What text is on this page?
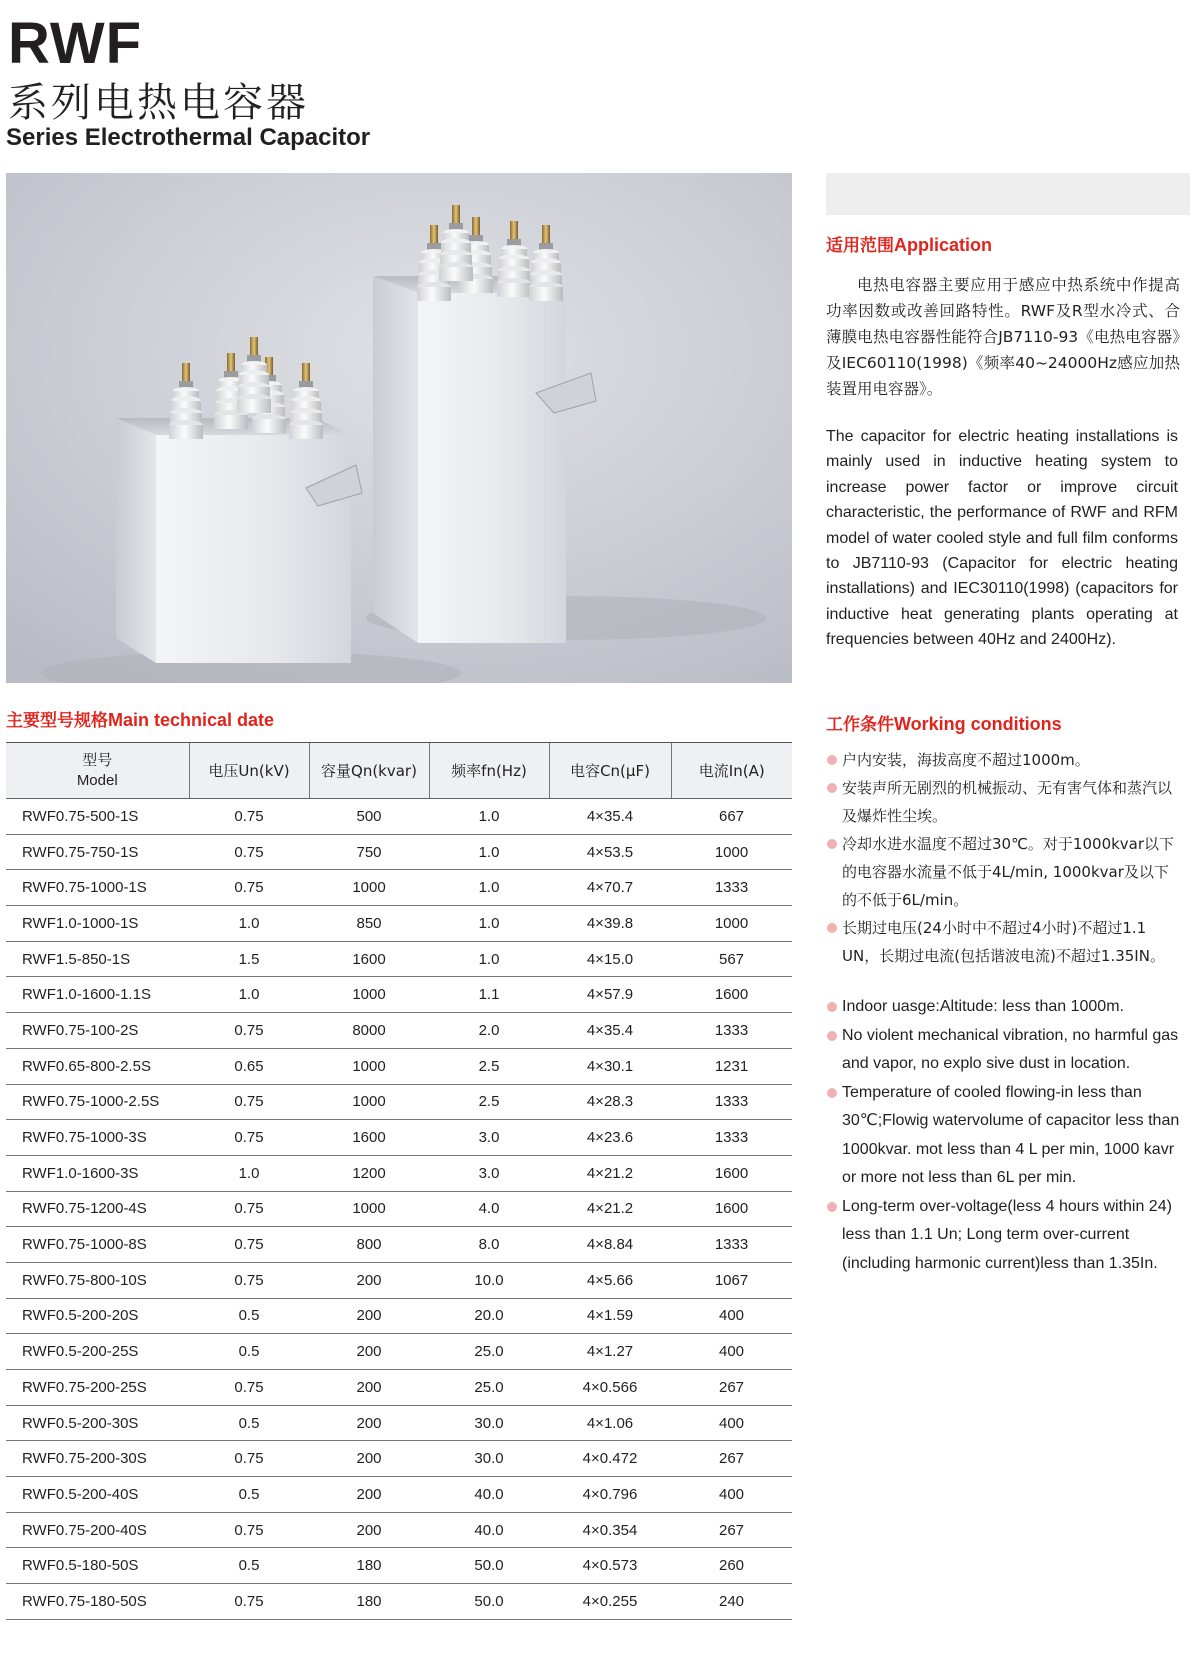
RWF
系列电热电容器
Series Electrothermal Capacitor
适用范围Application

电热电容器主要应用于感应中热系统中作提高功率因数或改善回路特性。RWF及R型水冷式、合薄膜电热电容器性能符合JB7110-93《电热电容器》及IEC60110(1998)《频率40~24000Hz感应加热装置用电容器》。

The capacitor for electric heating installations is mainly used in inductive heating system to increase power factor or improve circuit characteristic, the performance of RWF and RFM model of water cooled style and full film conforms to JB7110-93 (Capacitor for electric heating installations) and IEC30110(1998) (capacitors for inductive heat generating plants operating at frequencies between 40Hz and 2400Hz).

工作条件Working conditions
户内安装，海拔高度不超过1000m。
安装声所无剧烈的机械振动、无有害气体和蒸汽以及爆炸性尘埃。
冷却水进水温度不超过30℃。对于1000kvar以下的电容器水流量不低于4L/min, 1000kvar及以下的不低于6L/min。
长期过电压(24小时中不超过4小时)不超过1.1 UN，长期过电流(包括谐波电流)不超过1.35IN。
Indoor uasge:Altitude: less than 1000m.
No violent mechanical vibration, no harmful gas and vapor, no explo sive dust in location.
Temperature of cooled flowing-in less than 30℃;Flowig watervolume of capacitor less than 1000kvar. mot less than 4 L per min, 1000 kavr or more not less than 6L per min.
Long-term over-voltage(less 4 hours within 24) less than 1.1 Un; Long term over-current (including harmonic current)less than 1.35In.
主要型号规格Main technical date
型号
Model	电压Un(kV)	容量Qn(kvar)	频率fn(Hz)	电容Cn(μF)	电流In(A)
RWF0.75-500-1S	0.75	500	1.0	4×35.4	667
RWF0.75-750-1S	0.75	750	1.0	4×53.5	1000
RWF0.75-1000-1S	0.75	1000	1.0	4×70.7	1333
RWF1.0-1000-1S	1.0	850	1.0	4×39.8	1000
RWF1.5-850-1S	1.5	1600	1.0	4×15.0	567
RWF1.0-1600-1.1S	1.0	1000	1.1	4×57.9	1600
RWF0.75-100-2S	0.75	8000	2.0	4×35.4	1333
RWF0.65-800-2.5S	0.65	1000	2.5	4×30.1	1231
RWF0.75-1000-2.5S	0.75	1000	2.5	4×28.3	1333
RWF0.75-1000-3S	0.75	1600	3.0	4×23.6	1333
RWF1.0-1600-3S	1.0	1200	3.0	4×21.2	1600
RWF0.75-1200-4S	0.75	1000	4.0	4×21.2	1600
RWF0.75-1000-8S	0.75	800	8.0	4×8.84	1333
RWF0.75-800-10S	0.75	200	10.0	4×5.66	1067
RWF0.5-200-20S	0.5	200	20.0	4×1.59	400
RWF0.5-200-25S	0.5	200	25.0	4×1.27	400
RWF0.75-200-25S	0.75	200	25.0	4×0.566	267
RWF0.5-200-30S	0.5	200	30.0	4×1.06	400
RWF0.75-200-30S	0.75	200	30.0	4×0.472	267
RWF0.5-200-40S	0.5	200	40.0	4×0.796	400
RWF0.75-200-40S	0.75	200	40.0	4×0.354	267
RWF0.5-180-50S	0.5	180	50.0	4×0.573	260
RWF0.75-180-50S	0.75	180	50.0	4×0.255	240
